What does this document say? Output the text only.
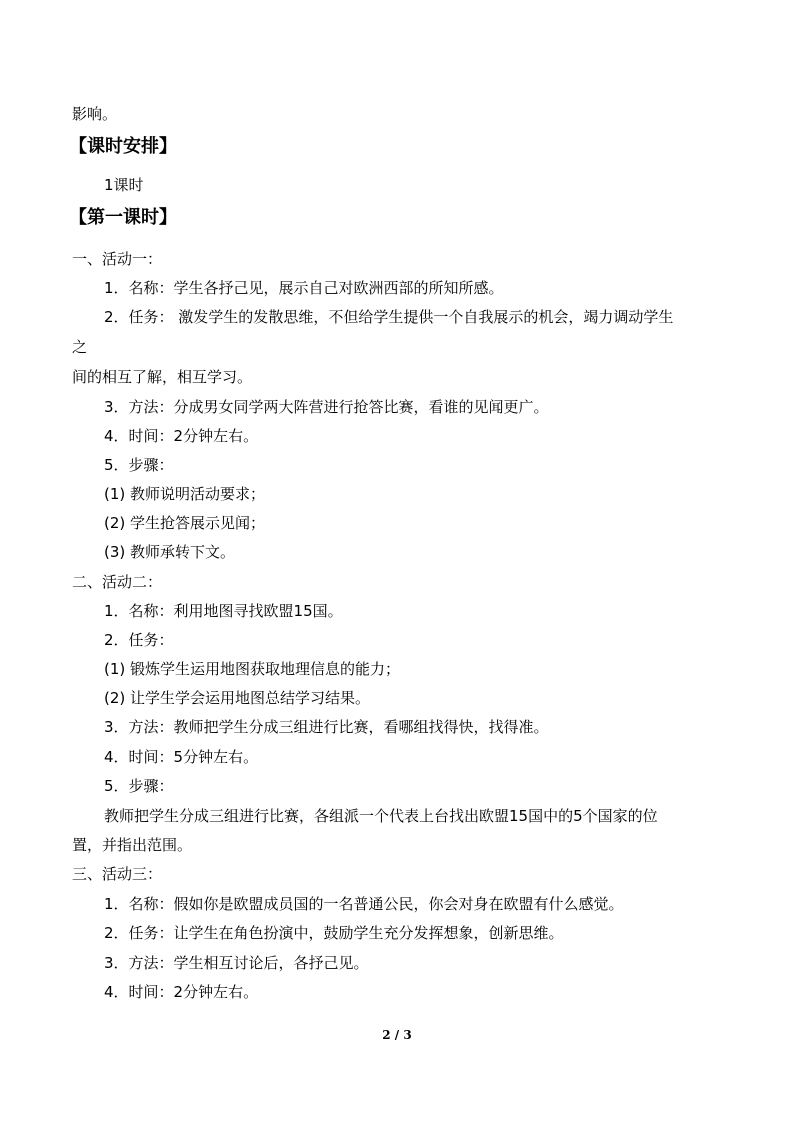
影响。
【课时安排】
1课时
【第一课时】
一、活动一：
1．名称：学生各抒己见，展示自己对欧洲西部的所知所感。
2．任务： 激发学生的发散思维，不但给学生提供一个自我展示的机会，竭力调动学生
之
间的相互了解，相互学习。
3．方法：分成男女同学两大阵营进行抢答比赛，看谁的见闻更广。
4．时间：2分钟左右。
5．步骤：
(1) 教师说明活动要求；
(2) 学生抢答展示见闻；
(3) 教师承转下文。
二、活动二：
1．名称：利用地图寻找欧盟15国。
2．任务：
(1) 锻炼学生运用地图获取地理信息的能力；
(2) 让学生学会运用地图总结学习结果。
3．方法：教师把学生分成三组进行比赛，看哪组找得快，找得准。
4．时间：5分钟左右。
5．步骤：
教师把学生分成三组进行比赛，各组派一个代表上台找出欧盟15国中的5个国家的位
置，并指出范围。
三、活动三：
1．名称：假如你是欧盟成员国的一名普通公民，你会对身在欧盟有什么感觉。
2．任务：让学生在角色扮演中，鼓励学生充分发挥想象，创新思维。
3．方法：学生相互讨论后，各抒己见。
4．时间：2分钟左右。
2 / 3
